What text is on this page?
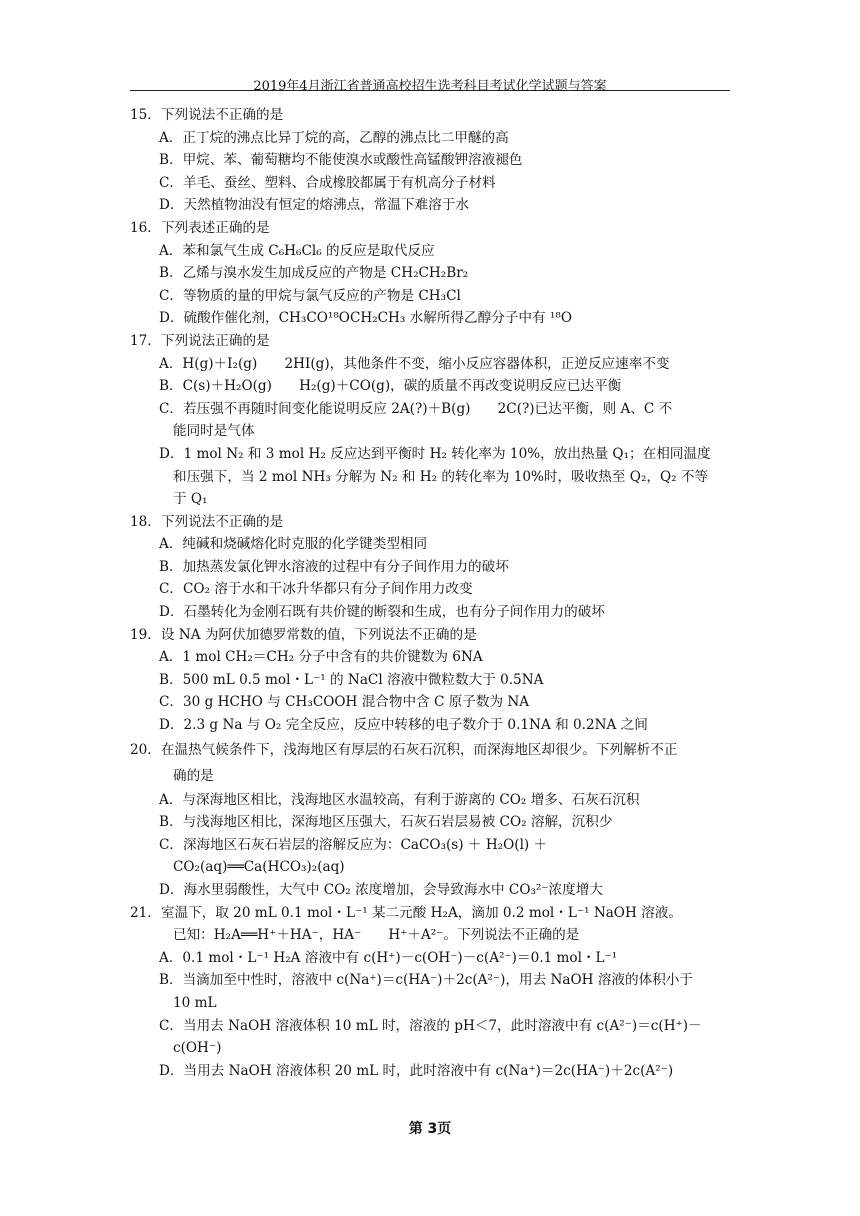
2019年4月浙江省普通高校招生选考科目考试化学试题与答案
15．下列说法不正确的是
A．正丁烷的沸点比异丁烷的高，乙醇的沸点比二甲醚的高
B．甲烷、苯、葡萄糖均不能使溴水或酸性高锰酸钾溶液褪色
C．羊毛、蚕丝、塑料、合成橡胶都属于有机高分子材料
D．天然植物油没有恒定的熔沸点，常温下难溶于水
16．下列表述正确的是
A．苯和氯气生成 C₆H₆Cl₆ 的反应是取代反应
B．乙烯与溴水发生加成反应的产物是 CH₂CH₂Br₂
C．等物质的量的甲烷与氯气反应的产物是 CH₃Cl
D．硫酸作催化剂，CH₃CO¹⁸OCH₂CH₃ 水解所得乙醇分子中有 ¹⁸O
17．下列说法正确的是
A．H(g)＋I₂(g)　　2HI(g)，其他条件不变，缩小反应容器体积，正逆反应速率不变
B．C(s)＋H₂O(g)　　H₂(g)＋CO(g)，碳的质量不再改变说明反应已达平衡
C．若压强不再随时间变化能说明反应 2A(?)＋B(g)　　2C(?)已达平衡，则 A、C 不
能同时是气体
D．1 mol N₂ 和 3 mol H₂ 反应达到平衡时 H₂ 转化率为 10%，放出热量 Q₁；在相同温度
和压强下，当 2 mol NH₃ 分解为 N₂ 和 H₂ 的转化率为 10%时，吸收热至 Q₂，Q₂ 不等
于 Q₁
18．下列说法不正确的是
A．纯碱和烧碱熔化时克服的化学键类型相同
B．加热蒸发氯化钾水溶液的过程中有分子间作用力的破坏
C．CO₂ 溶于水和干冰升华都只有分子间作用力改变
D．石墨转化为金刚石既有共价键的断裂和生成，也有分子间作用力的破坏
19．设 NA 为阿伏加德罗常数的值，下列说法不正确的是
A．1 mol CH₂＝CH₂ 分子中含有的共价键数为 6NA
B．500 mL 0.5 mol・L⁻¹ 的 NaCl 溶液中微粒数大于 0.5NA
C．30 g HCHO 与 CH₃COOH 混合物中含 C 原子数为 NA
D．2.3 g Na 与 O₂ 完全反应，反应中转移的电子数介于 0.1NA 和 0.2NA 之间
20．在温热气候条件下，浅海地区有厚层的石灰石沉积，而深海地区却很少。下列解析不正
确的是
A．与深海地区相比，浅海地区水温较高，有利于游离的 CO₂ 增多、石灰石沉积
B．与浅海地区相比，深海地区压强大，石灰石岩层易被 CO₂ 溶解，沉积少
C．深海地区石灰石岩层的溶解反应为：CaCO₃(s) ＋ H₂O(l) ＋
CO₂(aq)══Ca(HCO₃)₂(aq)
D．海水里弱酸性，大气中 CO₂ 浓度增加，会导致海水中 CO₃²⁻浓度增大
21．室温下，取 20 mL 0.1 mol・L⁻¹ 某二元酸 H₂A，滴加 0.2 mol・L⁻¹ NaOH 溶液。
已知：H₂A══H⁺＋HA⁻，HA⁻　　H⁺＋A²⁻。下列说法不正确的是
A．0.1 mol・L⁻¹ H₂A 溶液中有 c(H⁺)－c(OH⁻)－c(A²⁻)＝0.1 mol・L⁻¹
B．当滴加至中性时，溶液中 c(Na⁺)＝c(HA⁻)＋2c(A²⁻)，用去 NaOH 溶液的体积小于
10 mL
C．当用去 NaOH 溶液体积 10 mL 时，溶液的 pH＜7，此时溶液中有 c(A²⁻)＝c(H⁺)－
c(OH⁻)
D．当用去 NaOH 溶液体积 20 mL 时，此时溶液中有 c(Na⁺)＝2c(HA⁻)＋2c(A²⁻)
第 3页
